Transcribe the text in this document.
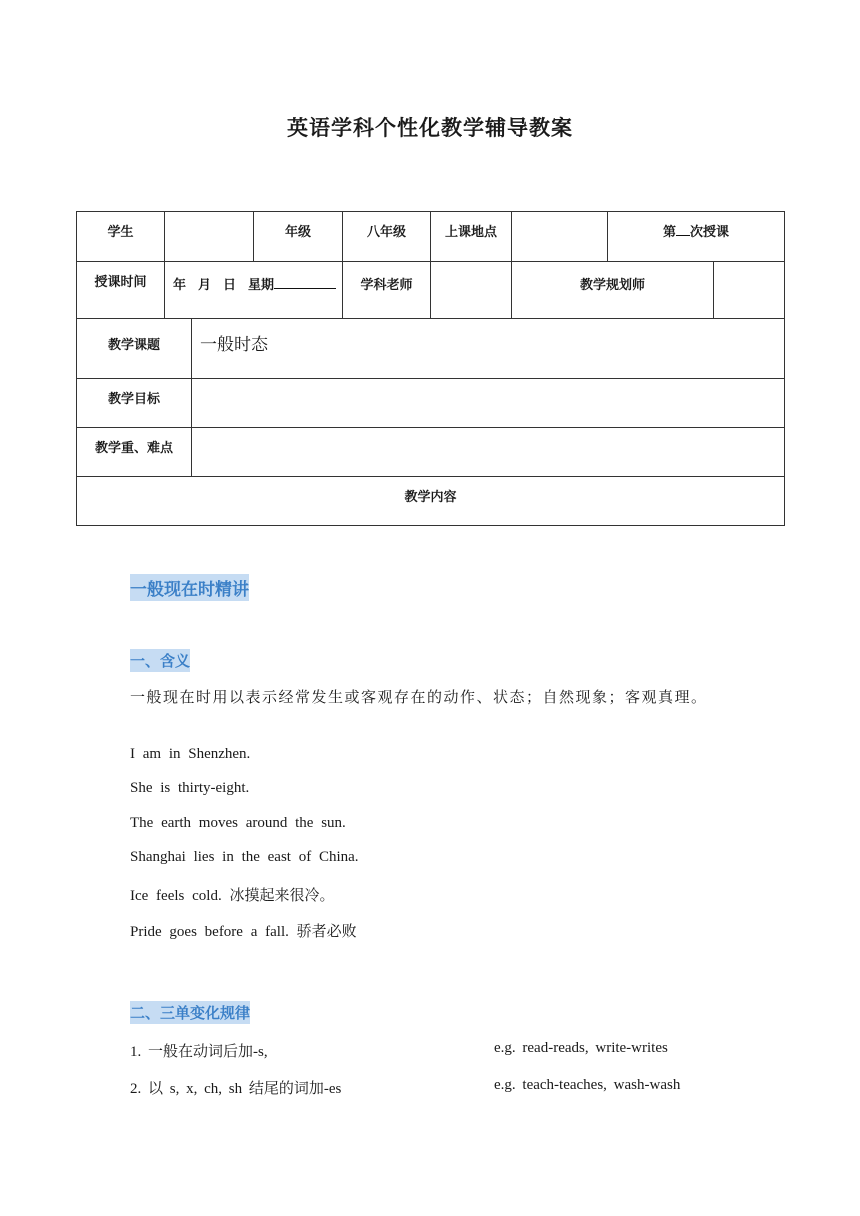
英语学科个性化教学辅导教案
学生			年级	八年级	上课地点		第 次授课	
授课时间	年 月 日 星期			学科老师		教学规划师		
教学课题		一般时态						
教学目标								
教学重、难点								
教学内容								
一般现在时精讲
一、含义
一般现在时用以表示经常发生或客观存在的动作、状态；自然现象；客观真理。
I am in Shenzhen.
She is thirty-eight.
The earth moves around the sun.
Shanghai lies in the east of China.
Ice feels cold. 冰摸起来很冷。
Pride goes before a fall. 骄者必败
二、三单变化规律
1. 一般在动词后加-s,	e.g. read-reads, write-writes
2. 以 s, x, ch, sh 结尾的词加-es	e.g. teach-teaches, wash-wash
